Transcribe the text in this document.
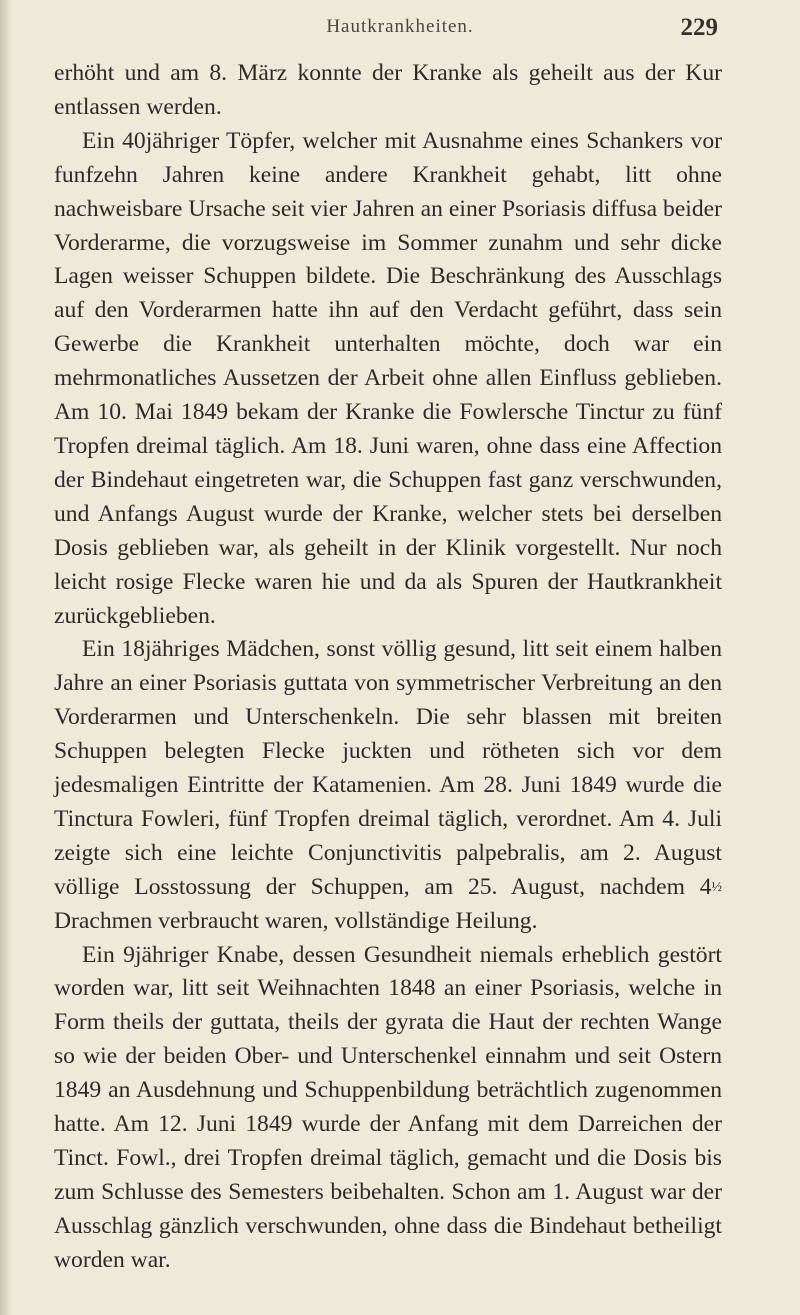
Hautkrankheiten.	229

erhöht und am 8. März konnte der Kranke als geheilt aus der Kur entlassen werden.

Ein 40jähriger Töpfer, welcher mit Ausnahme eines Schankers vor funfzehn Jahren keine andere Krankheit gehabt, litt ohne nachweisbare Ursache seit vier Jahren an einer Psoriasis diffusa beider Vorderarme, die vorzugsweise im Sommer zunahm und sehr dicke Lagen weisser Schuppen bildete. Die Beschränkung des Ausschlags auf den Vorderarmen hatte ihn auf den Verdacht geführt, dass sein Gewerbe die Krankheit unterhalten möchte, doch war ein mehrmonatliches Aussetzen der Arbeit ohne allen Einfluss geblieben. Am 10. Mai 1849 bekam der Kranke die Fowlersche Tinctur zu fünf Tropfen dreimal täglich. Am 18. Juni waren, ohne dass eine Affection der Bindehaut eingetreten war, die Schuppen fast ganz verschwunden, und Anfangs August wurde der Kranke, welcher stets bei derselben Dosis geblieben war, als geheilt in der Klinik vorgestellt. Nur noch leicht rosige Flecke waren hie und da als Spuren der Hautkrankheit zurückgeblieben.

Ein 18jähriges Mädchen, sonst völlig gesund, litt seit einem halben Jahre an einer Psoriasis guttata von symmetrischer Verbreitung an den Vorderarmen und Unterschenkeln. Die sehr blassen mit breiten Schuppen belegten Flecke juckten und rötheten sich vor dem jedesmaligen Eintritte der Katamenien. Am 28. Juni 1849 wurde die Tinctura Fowleri, fünf Tropfen dreimal täglich, verordnet. Am 4. Juli zeigte sich eine leichte Conjunctivitis palpebralis, am 2. August völlige Losstossung der Schuppen, am 25. August, nachdem 4½ Drachmen verbraucht waren, vollständige Heilung.

Ein 9jähriger Knabe, dessen Gesundheit niemals erheblich gestört worden war, litt seit Weihnachten 1848 an einer Psoriasis, welche in Form theils der guttata, theils der gyrata die Haut der rechten Wange so wie der beiden Ober- und Unterschenkel einnahm und seit Ostern 1849 an Ausdehnung und Schuppenbildung beträchtlich zugenommen hatte. Am 12. Juni 1849 wurde der Anfang mit dem Darreichen der Tinct. Fowl., drei Tropfen dreimal täglich, gemacht und die Dosis bis zum Schlusse des Semesters beibehalten. Schon am 1. August war der Ausschlag gänzlich verschwunden, ohne dass die Bindehaut betheiligt worden war.
